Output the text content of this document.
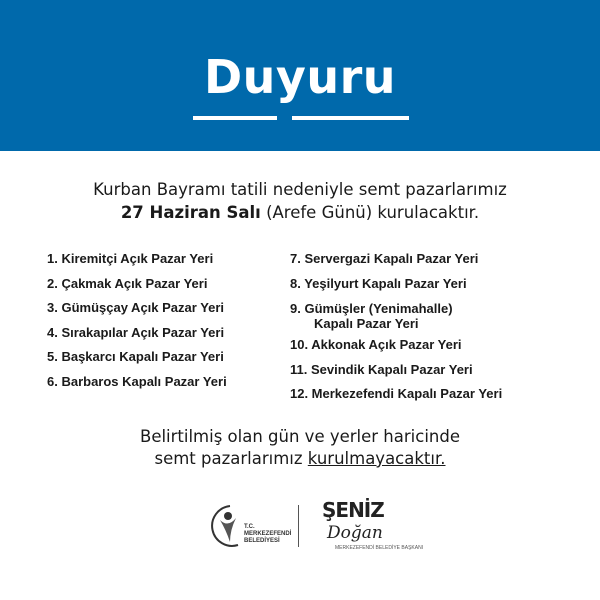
Duyuru
Kurban Bayramı tatili nedeniyle semt pazarlarımız
27 Haziran Salı (Arefe Günü) kurulacaktır.
1. Kiremitçi Açık Pazar Yeri
2. Çakmak Açık Pazar Yeri
3. Gümüşçay Açık Pazar Yeri
4. Sırakapılar Açık Pazar Yeri
5. Başkarcı Kapalı Pazar Yeri
6. Barbaros Kapalı Pazar Yeri
7. Servergazi Kapalı Pazar Yeri
8. Yeşilyurt Kapalı Pazar Yeri
9. Gümüşler (Yenimahalle)
Kapalı Pazar Yeri
10. Akkonak Açık Pazar Yeri
11. Sevindik Kapalı Pazar Yeri
12. Merkezefendi Kapalı Pazar Yeri
Belirtilmiş olan gün ve yerler haricinde
semt pazarlarımız kurulmayacaktır.
T.C.
MERKEZEFENDİ
BELEDİYESİ
ŞENİZ
Doğan
MERKEZEFENDİ BELEDİYE BAŞKANI
